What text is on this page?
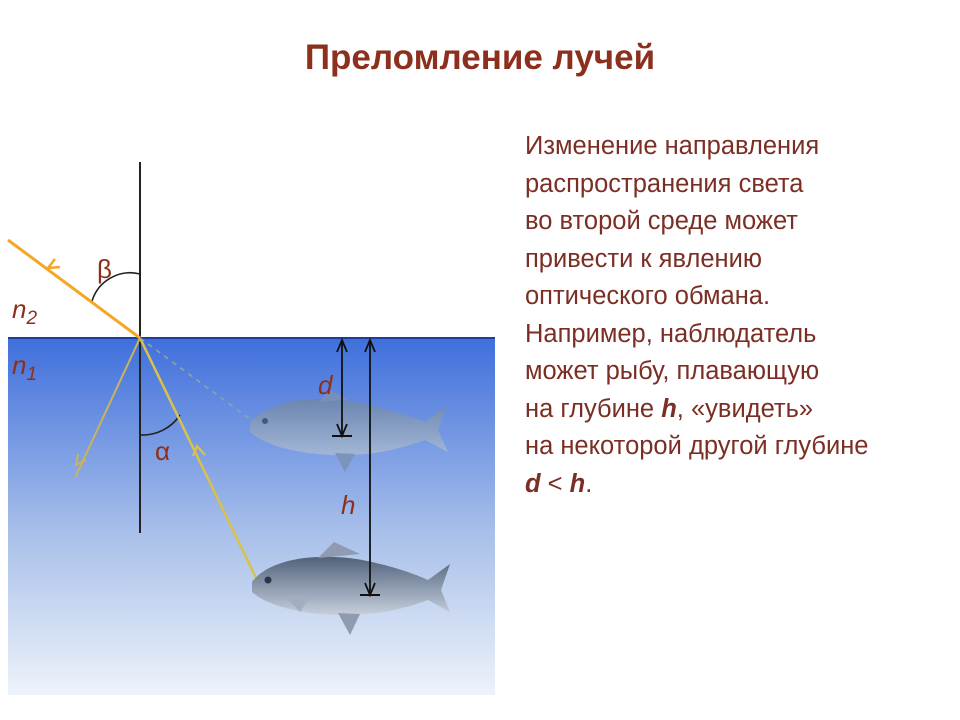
Преломление лучей
Изменение направления
распространения света
во второй среде может
привести к явлению
оптического обмана.
Например, наблюдатель
может рыбу, плавающую
на глубине h, «увидеть»
на некоторой другой глубине
d < h.
β
α
$n_2$
$n_1$	d
h
